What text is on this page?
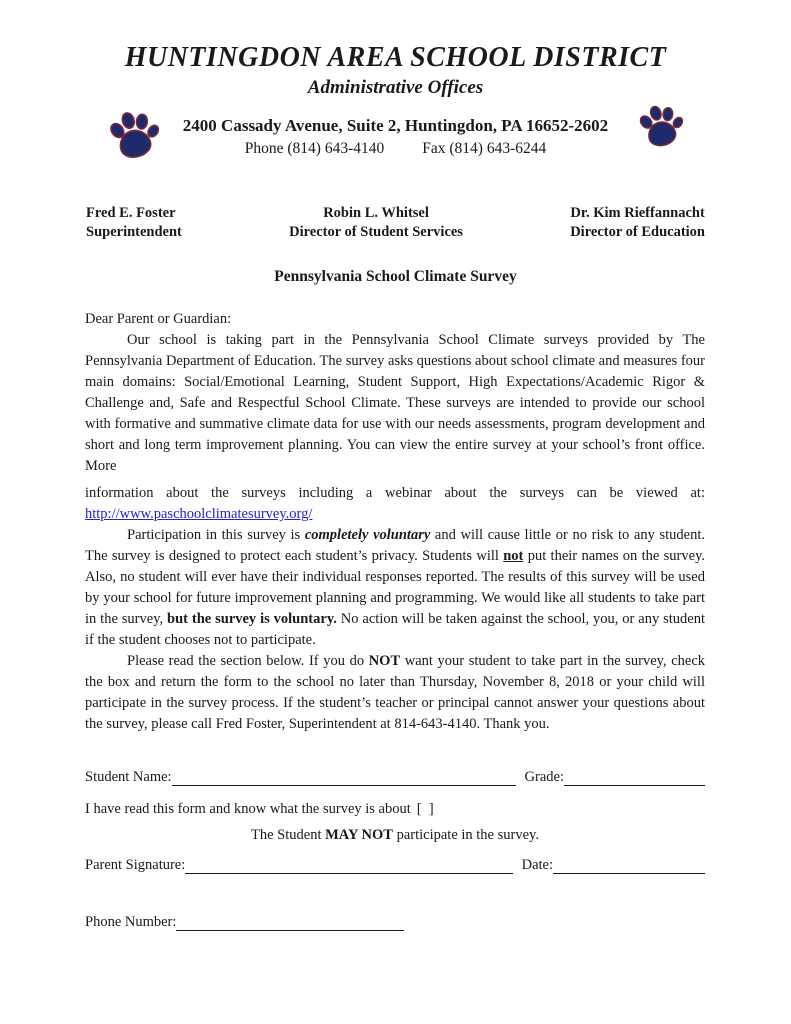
HUNTINGDON AREA SCHOOL DISTRICT
Administrative Offices
2400 Cassady Avenue, Suite 2, Huntingdon, PA 16652-2602
Phone (814) 643-4140 Fax (814) 643-6244
Fred E. Foster
Superintendent
Robin L. Whitsel
Director of Student Services
Dr. Kim Rieffannacht
Director of Education
Pennsylvania School Climate Survey

Dear Parent or Guardian:

Our school is taking part in the Pennsylvania School Climate surveys provided by The Pennsylvania Department of Education. The survey asks questions about school climate and measures four main domains: Social/Emotional Learning, Student Support, High Expectations/Academic Rigor & Challenge and, Safe and Respectful School Climate. These surveys are intended to provide our school with formative and summative climate data for use with our needs assessments, program development and short and long term improvement planning. You can view the entire survey at your school’s front office. More

information about the surveys including a webinar about the surveys can be viewed at:

http://www.paschoolclimatesurvey.org/

Participation in this survey is completely voluntary and will cause little or no risk to any student. The survey is designed to protect each student’s privacy. Students will not put their names on the survey. Also, no student will ever have their individual responses reported. The results of this survey will be used by your school for future improvement planning and programming. We would like all students to take part in the survey, but the survey is voluntary. No action will be taken against the school, you, or any student if the student chooses not to participate.

Please read the section below. If you do NOT want your student to take part in the survey, check the box and return the form to the school no later than Thursday, November 8, 2018 or your child will participate in the survey process. If the student’s teacher or principal cannot answer your questions about the survey, please call Fred Foster, Superintendent at 814-643-4140. Thank you.

Student Name:	Grade:
I have read this form and know what the survey is about [  ]
The Student MAY NOT participate in the survey.
Parent Signature:	Date:
Phone Number:
